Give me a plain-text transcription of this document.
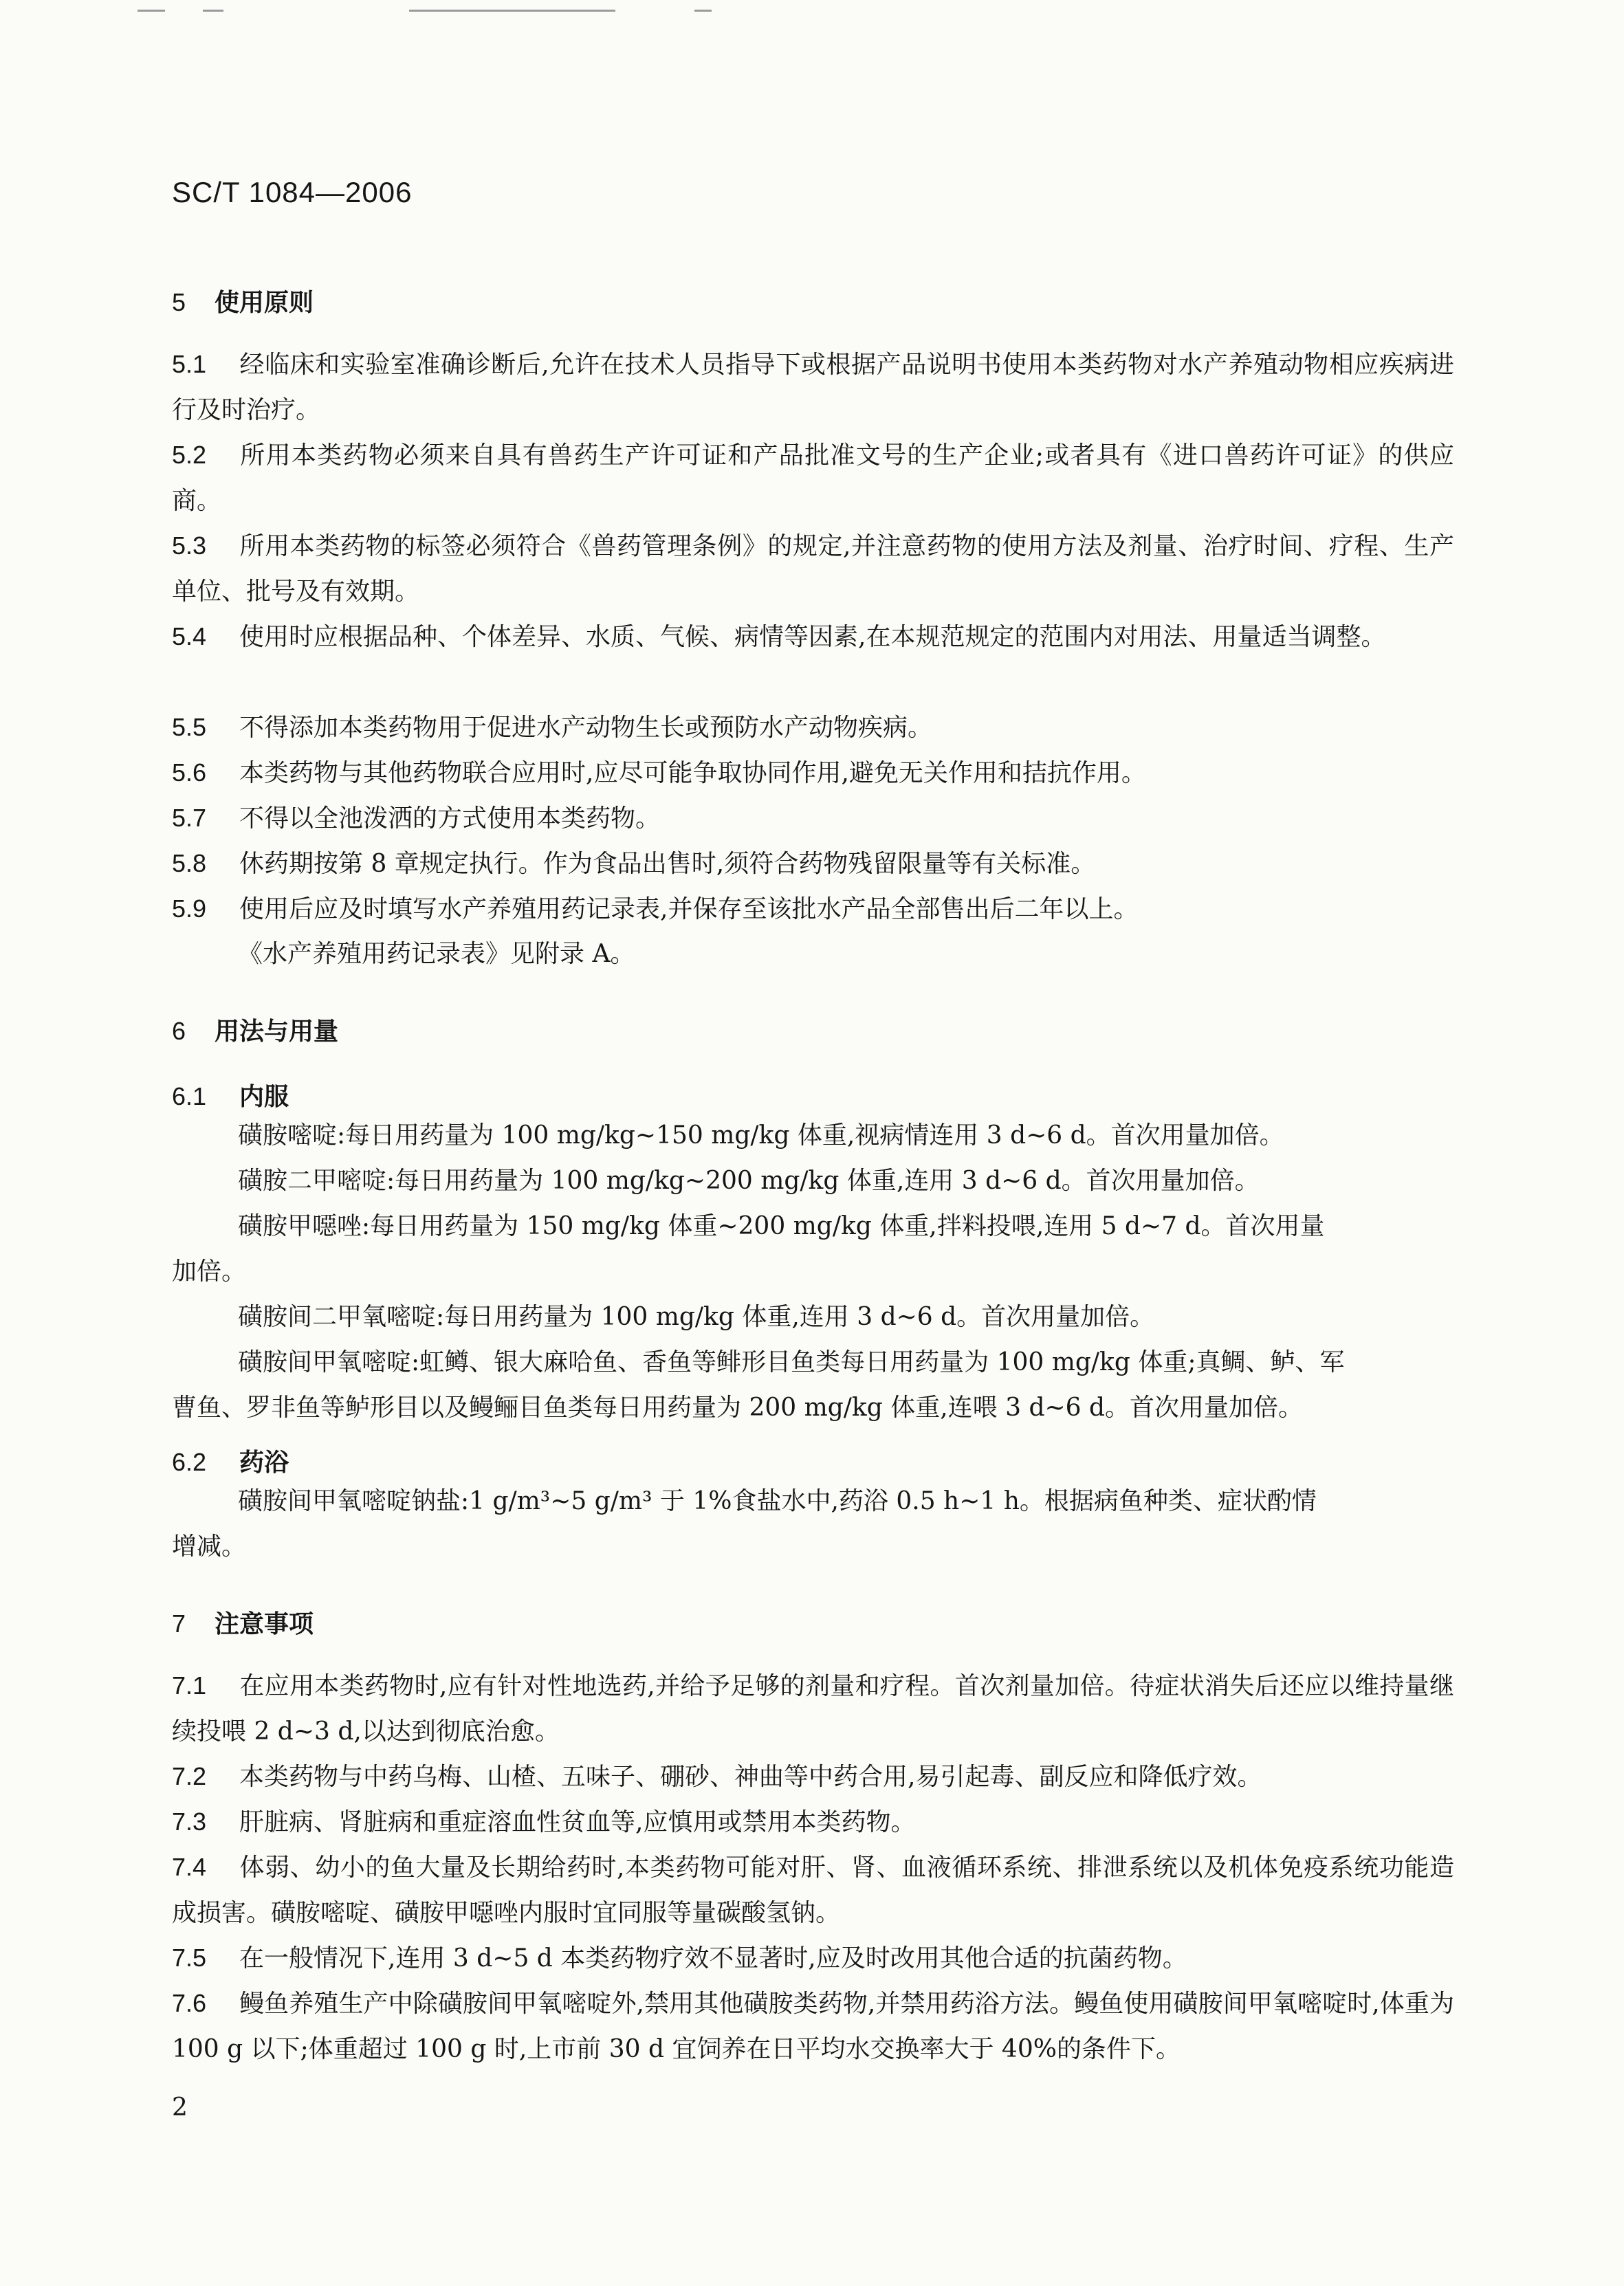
SC/T 1084—2006
5 使用原则
5.1 经临床和实验室准确诊断后,允许在技术人员指导下或根据产品说明书使用本类药物对水产养殖动物相应疾病进行及时治疗。
5.2 所用本类药物必须来自具有兽药生产许可证和产品批准文号的生产企业;或者具有《进口兽药许可证》的供应商。
5.3 所用本类药物的标签必须符合《兽药管理条例》的规定,并注意药物的使用方法及剂量、治疗时间、疗程、生产单位、批号及有效期。
5.4 使用时应根据品种、个体差异、水质、气候、病情等因素,在本规范规定的范围内对用法、用量适当调整。
5.5 不得添加本类药物用于促进水产动物生长或预防水产动物疾病。
5.6 本类药物与其他药物联合应用时,应尽可能争取协同作用,避免无关作用和拮抗作用。
5.7 不得以全池泼洒的方式使用本类药物。
5.8 休药期按第 8 章规定执行。作为食品出售时,须符合药物残留限量等有关标准。
5.9 使用后应及时填写水产养殖用药记录表,并保存至该批水产品全部售出后二年以上。
《水产养殖用药记录表》见附录 A。
6 用法与用量
6.1 内服
磺胺嘧啶:每日用药量为 100 mg/kg~150 mg/kg 体重,视病情连用 3 d~6 d。首次用量加倍。
磺胺二甲嘧啶:每日用药量为 100 mg/kg~200 mg/kg 体重,连用 3 d~6 d。首次用量加倍。
磺胺甲噁唑:每日用药量为 150 mg/kg 体重~200 mg/kg 体重,拌料投喂,连用 5 d~7 d。首次用量
加倍。
磺胺间二甲氧嘧啶:每日用药量为 100 mg/kg 体重,连用 3 d~6 d。首次用量加倍。
磺胺间甲氧嘧啶:虹鳟、银大麻哈鱼、香鱼等鲱形目鱼类每日用药量为 100 mg/kg 体重;真鲷、鲈、军
曹鱼、罗非鱼等鲈形目以及鳗鲡目鱼类每日用药量为 200 mg/kg 体重,连喂 3 d~6 d。首次用量加倍。
6.2 药浴
磺胺间甲氧嘧啶钠盐:1 g/m³~5 g/m³ 于 1%食盐水中,药浴 0.5 h~1 h。根据病鱼种类、症状酌情
增减。
7 注意事项
7.1 在应用本类药物时,应有针对性地选药,并给予足够的剂量和疗程。首次剂量加倍。待症状消失后还应以维持量继续投喂 2 d~3 d,以达到彻底治愈。
7.2 本类药物与中药乌梅、山楂、五味子、硼砂、神曲等中药合用,易引起毒、副反应和降低疗效。
7.3 肝脏病、肾脏病和重症溶血性贫血等,应慎用或禁用本类药物。
7.4 体弱、幼小的鱼大量及长期给药时,本类药物可能对肝、肾、血液循环系统、排泄系统以及机体免疫系统功能造成损害。磺胺嘧啶、磺胺甲噁唑内服时宜同服等量碳酸氢钠。
7.5 在一般情况下,连用 3 d~5 d 本类药物疗效不显著时,应及时改用其他合适的抗菌药物。
7.6 鳗鱼养殖生产中除磺胺间甲氧嘧啶外,禁用其他磺胺类药物,并禁用药浴方法。鳗鱼使用磺胺间甲氧嘧啶时,体重为 100 g 以下;体重超过 100 g 时,上市前 30 d 宜饲养在日平均水交换率大于 40%的条件下。
2
